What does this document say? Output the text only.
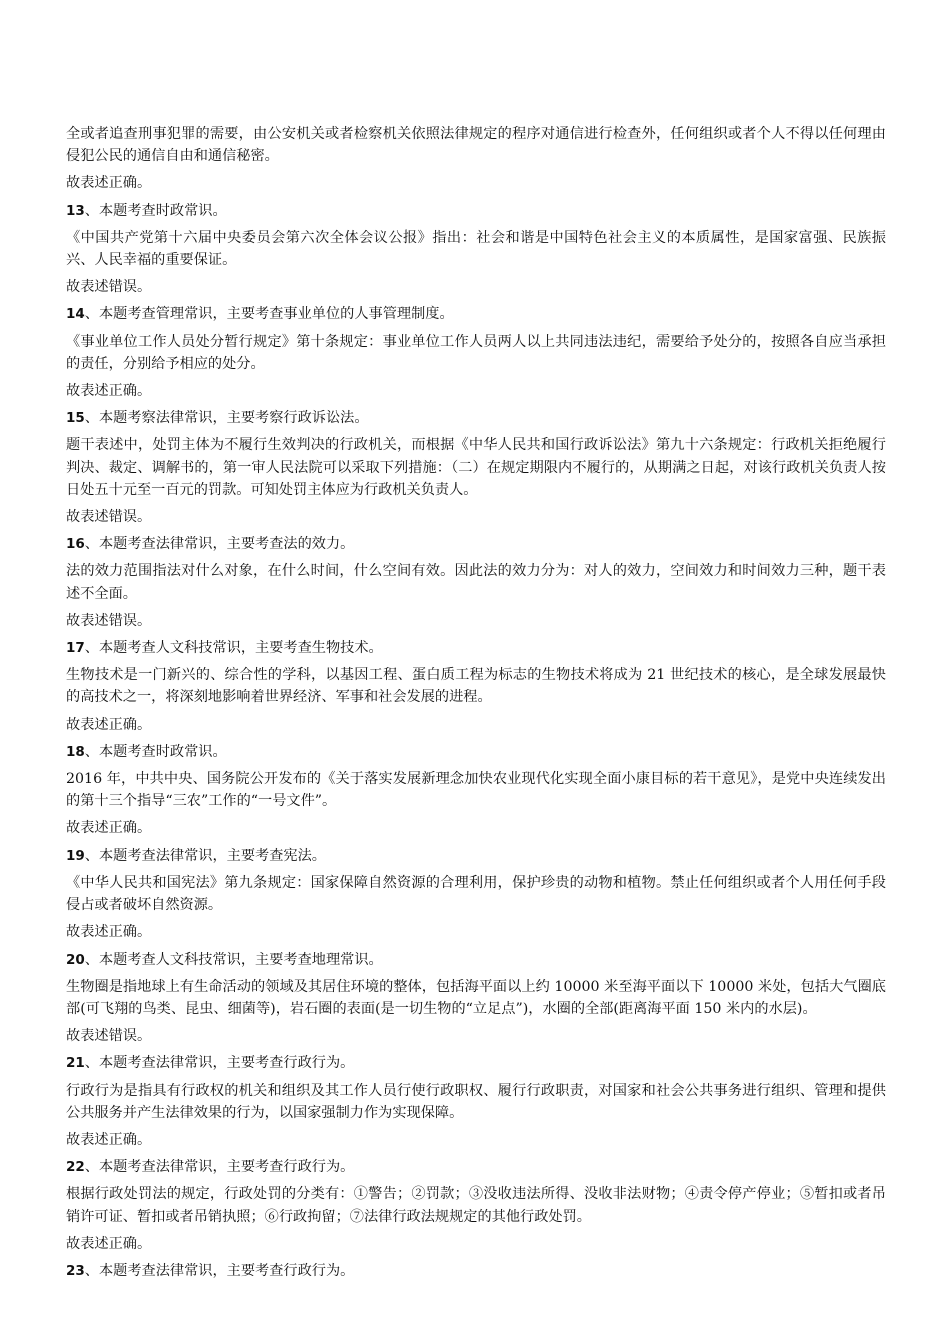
全或者追查刑事犯罪的需要，由公安机关或者检察机关依照法律规定的程序对通信进行检查外，任何组织或者个人不得以任何理由侵犯公民的通信自由和通信秘密。

故表述正确。

13、本题考查时政常识。

《中国共产党第十六届中央委员会第六次全体会议公报》指出：社会和谐是中国特色社会主义的本质属性，是国家富强、民族振兴、人民幸福的重要保证。

故表述错误。

14、本题考查管理常识，主要考查事业单位的人事管理制度。

《事业单位工作人员处分暂行规定》第十条规定：事业单位工作人员两人以上共同违法违纪，需要给予处分的，按照各自应当承担的责任，分别给予相应的处分。

故表述正确。

15、本题考察法律常识，主要考察行政诉讼法。

题干表述中，处罚主体为不履行生效判决的行政机关，而根据《中华人民共和国行政诉讼法》第九十六条规定：行政机关拒绝履行判决、裁定、调解书的，第一审人民法院可以采取下列措施：（二）在规定期限内不履行的，从期满之日起，对该行政机关负责人按日处五十元至一百元的罚款。可知处罚主体应为行政机关负责人。

故表述错误。

16、本题考查法律常识，主要考查法的效力。

法的效力范围指法对什么对象，在什么时间，什么空间有效。因此法的效力分为：对人的效力，空间效力和时间效力三种，题干表述不全面。

故表述错误。

17、本题考查人文科技常识，主要考查生物技术。

生物技术是一门新兴的、综合性的学科，以基因工程、蛋白质工程为标志的生物技术将成为 21 世纪技术的核心，是全球发展最快的高技术之一，将深刻地影响着世界经济、军事和社会发展的进程。

故表述正确。

18、本题考查时政常识。

2016 年，中共中央、国务院公开发布的《关于落实发展新理念加快农业现代化实现全面小康目标的若干意见》，是党中央连续发出的第十三个指导“三农”工作的“一号文件”。

故表述正确。

19、本题考查法律常识，主要考查宪法。

《中华人民共和国宪法》第九条规定：国家保障自然资源的合理利用，保护珍贵的动物和植物。禁止任何组织或者个人用任何手段侵占或者破坏自然资源。

故表述正确。

20、本题考查人文科技常识，主要考查地理常识。

生物圈是指地球上有生命活动的领域及其居住环境的整体，包括海平面以上约 10000 米至海平面以下 10000 米处，包括大气圈底部(可飞翔的鸟类、昆虫、细菌等)，岩石圈的表面(是一切生物的“立足点”)，水圈的全部(距离海平面 150 米内的水层)。

故表述错误。

21、本题考查法律常识，主要考查行政行为。

行政行为是指具有行政权的机关和组织及其工作人员行使行政职权、履行行政职责，对国家和社会公共事务进行组织、管理和提供公共服务并产生法律效果的行为，以国家强制力作为实现保障。

故表述正确。

22、本题考查法律常识，主要考查行政行为。

根据行政处罚法的规定，行政处罚的分类有：①警告；②罚款；③没收违法所得、没收非法财物；④责令停产停业；⑤暂扣或者吊销许可证、暂扣或者吊销执照；⑥行政拘留；⑦法律行政法规规定的其他行政处罚。

故表述正确。

23、本题考查法律常识，主要考查行政行为。
